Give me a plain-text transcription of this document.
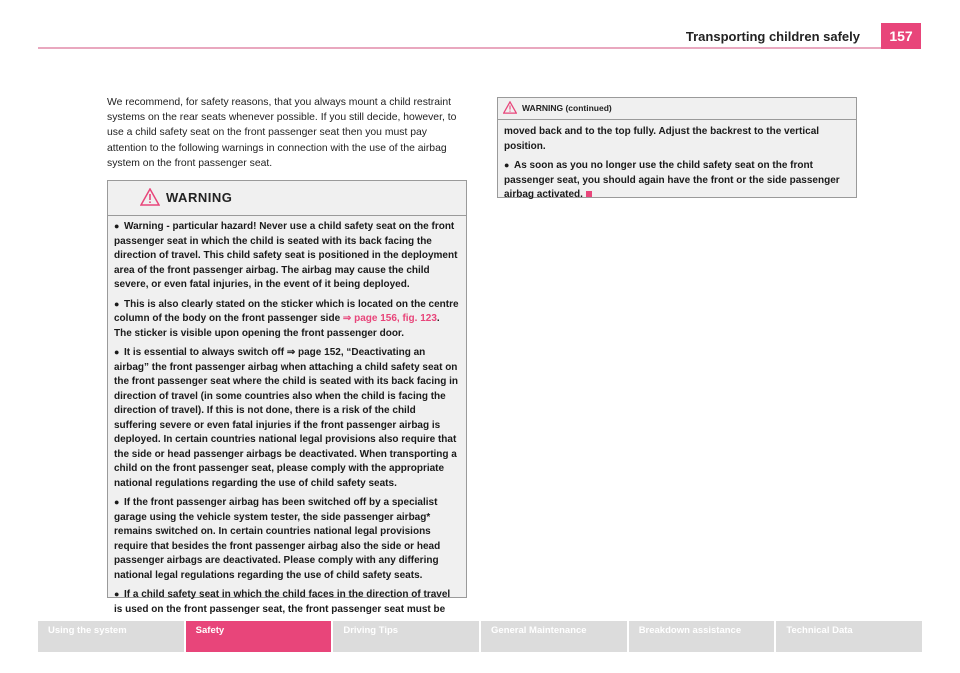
Transporting children safely	157

We recommend, for safety reasons, that you always mount a child restraint systems on the rear seats whenever possible. If you still decide, however, to use a child safety seat on the front passenger seat then you must pay attention to the following warnings in connection with the use of the airbag system on the front passenger seat.

WARNING

● Warning - particular hazard! Never use a child safety seat on the front passenger seat in which the child is seated with its back facing the direction of travel. This child safety seat is positioned in the deployment area of the front passenger airbag. The airbag may cause the child severe, or even fatal injuries, in the event of it being deployed.

● This is also clearly stated on the sticker which is located on the centre column of the body on the front passenger side ⇒ page 156, fig. 123. The sticker is visible upon opening the front passenger door.

● It is essential to always switch off ⇒ page 152, “Deactivating an airbag” the front passenger airbag when attaching a child safety seat on the front passenger seat where the child is seated with its back facing in direction of travel (in some countries also when the child is facing the direction of travel). If this is not done, there is a risk of the child suffering severe or even fatal injuries if the front passenger airbag is deployed. In certain countries national legal provisions also require that the side or head passenger airbags be deactivated. When transporting a child on the front passenger seat, please comply with the appropriate national regulations regarding the use of child safety seats.

● If the front passenger airbag has been switched off by a specialist garage using the vehicle system tester, the side passenger airbag* remains switched on. In certain countries national legal provisions require that besides the front passenger airbag also the side or head passenger airbags are deactivated. Please comply with any differing national legal regulations regarding the use of child safety seats.

● If a child safety seat in which the child faces in the direction of travel is used on the front passenger seat, the front passenger seat must be

WARNING (continued)

moved back and to the top fully. Adjust the backrest to the vertical position.

● As soon as you no longer use the child safety seat on the front passenger seat, you should again have the front or the side passenger airbag activated.

Using the system	Safety	Driving Tips	General Maintenance	Breakdown assistance	Technical Data
